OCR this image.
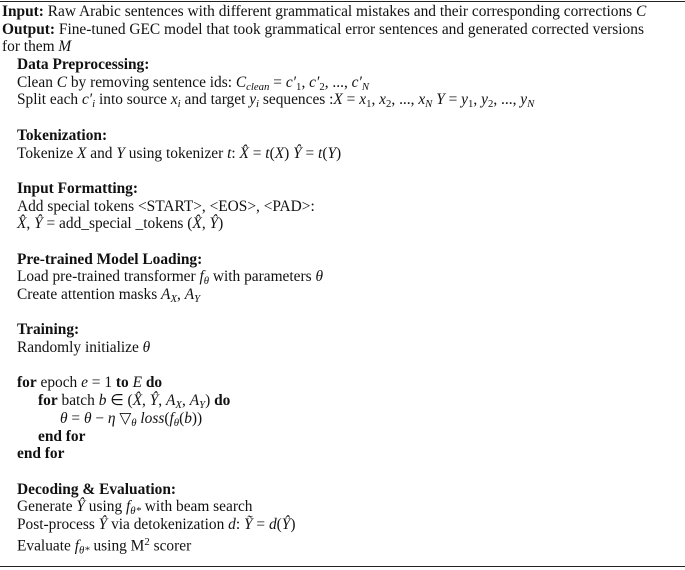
Input: Raw Arabic sentences with different grammatical mistakes and their corresponding corrections C
Output: Fine-tuned GEC model that took grammatical error sentences and generated corrected versions
for them M
Data Preprocessing:
Clean C by removing sentence ids: $C_{clean} = c'_1$, $c'_2$, ..., $c'_N$
Split each $c'_i$ into source $x_i$ and target $y_i$ sequences :X = $x_1$, $x_2$, ..., $x_N$ $Y = y_1$, $y_2$, ..., $y_N$
Tokenization:
Tokenize X and Y using tokenizer t: X̂ = t(X) Ŷ = t(Y)
Input Formatting:
Add special tokens <START>, <EOS>, <PAD>:
X̂, Ŷ = add_special _tokens (X̂, Ŷ)
Pre-trained Model Loading:
Load pre-trained transformer $f_\theta$ with parameters θ
Create attention masks $A_X$, $A_Y$
Training:
Randomly initialize θ
for epoch e = 1 to E do
for batch b ∈ (X̂, Ŷ, $A_X$, $A_Y$) do
θ = θ − η $▽_\theta$ $loss(f_\theta(b))$
end for
end for
Decoding & Evaluation:
Generate Ŷ using $f_{\theta*}$ with beam search
Post-process Ŷ via detokenization d: Ỹ = d(Ŷ)
Evaluate $f_{\theta*}$ using $M^2$ scorer
